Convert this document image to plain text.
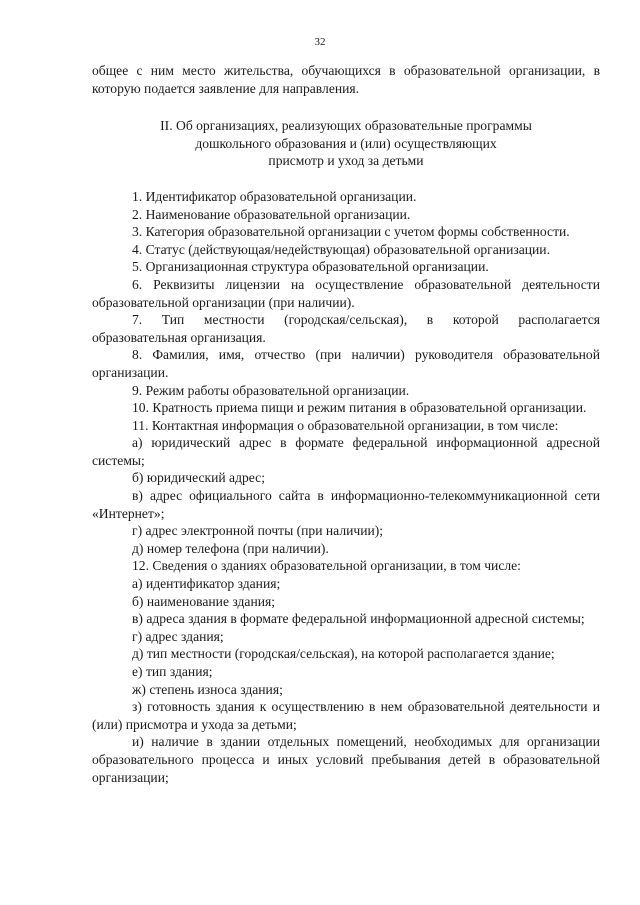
32

общее с ним место жительства, обучающихся в образовательной организации, в которую подается заявление для направления.

II. Об организациях, реализующих образовательные программы
дошкольного образования и (или) осуществляющих
присмотр и уход за детьми

1. Идентификатор образовательной организации.

2. Наименование образовательной организации.

3. Категория образовательной организации с учетом формы собственности.

4. Статус (действующая/недействующая) образовательной организации.

5. Организационная структура образовательной организации.

6. Реквизиты лицензии на осуществление образовательной деятельности образовательной организации (при наличии).

7. Тип местности (городская/сельская), в которой располагается образовательная организация.

8. Фамилия, имя, отчество (при наличии) руководителя образовательной организации.

9. Режим работы образовательной организации.

10. Кратность приема пищи и режим питания в образовательной организации.

11. Контактная информация о образовательной организации, в том числе:

а) юридический адрес в формате федеральной информационной адресной системы;

б) юридический адрес;

в) адрес официального сайта в информационно-телекоммуникационной сети «Интернет»;

г) адрес электронной почты (при наличии);

д) номер телефона (при наличии).

12. Сведения о зданиях образовательной организации, в том числе:

а) идентификатор здания;

б) наименование здания;

в) адреса здания в формате федеральной информационной адресной системы;

г) адрес здания;

д) тип местности (городская/сельская), на которой располагается здание;

е) тип здания;

ж) степень износа здания;

з) готовность здания к осуществлению в нем образовательной деятельности и (или) присмотра и ухода за детьми;

и) наличие в здании отдельных помещений, необходимых для организации образовательного процесса и иных условий пребывания детей в образовательной организации;
